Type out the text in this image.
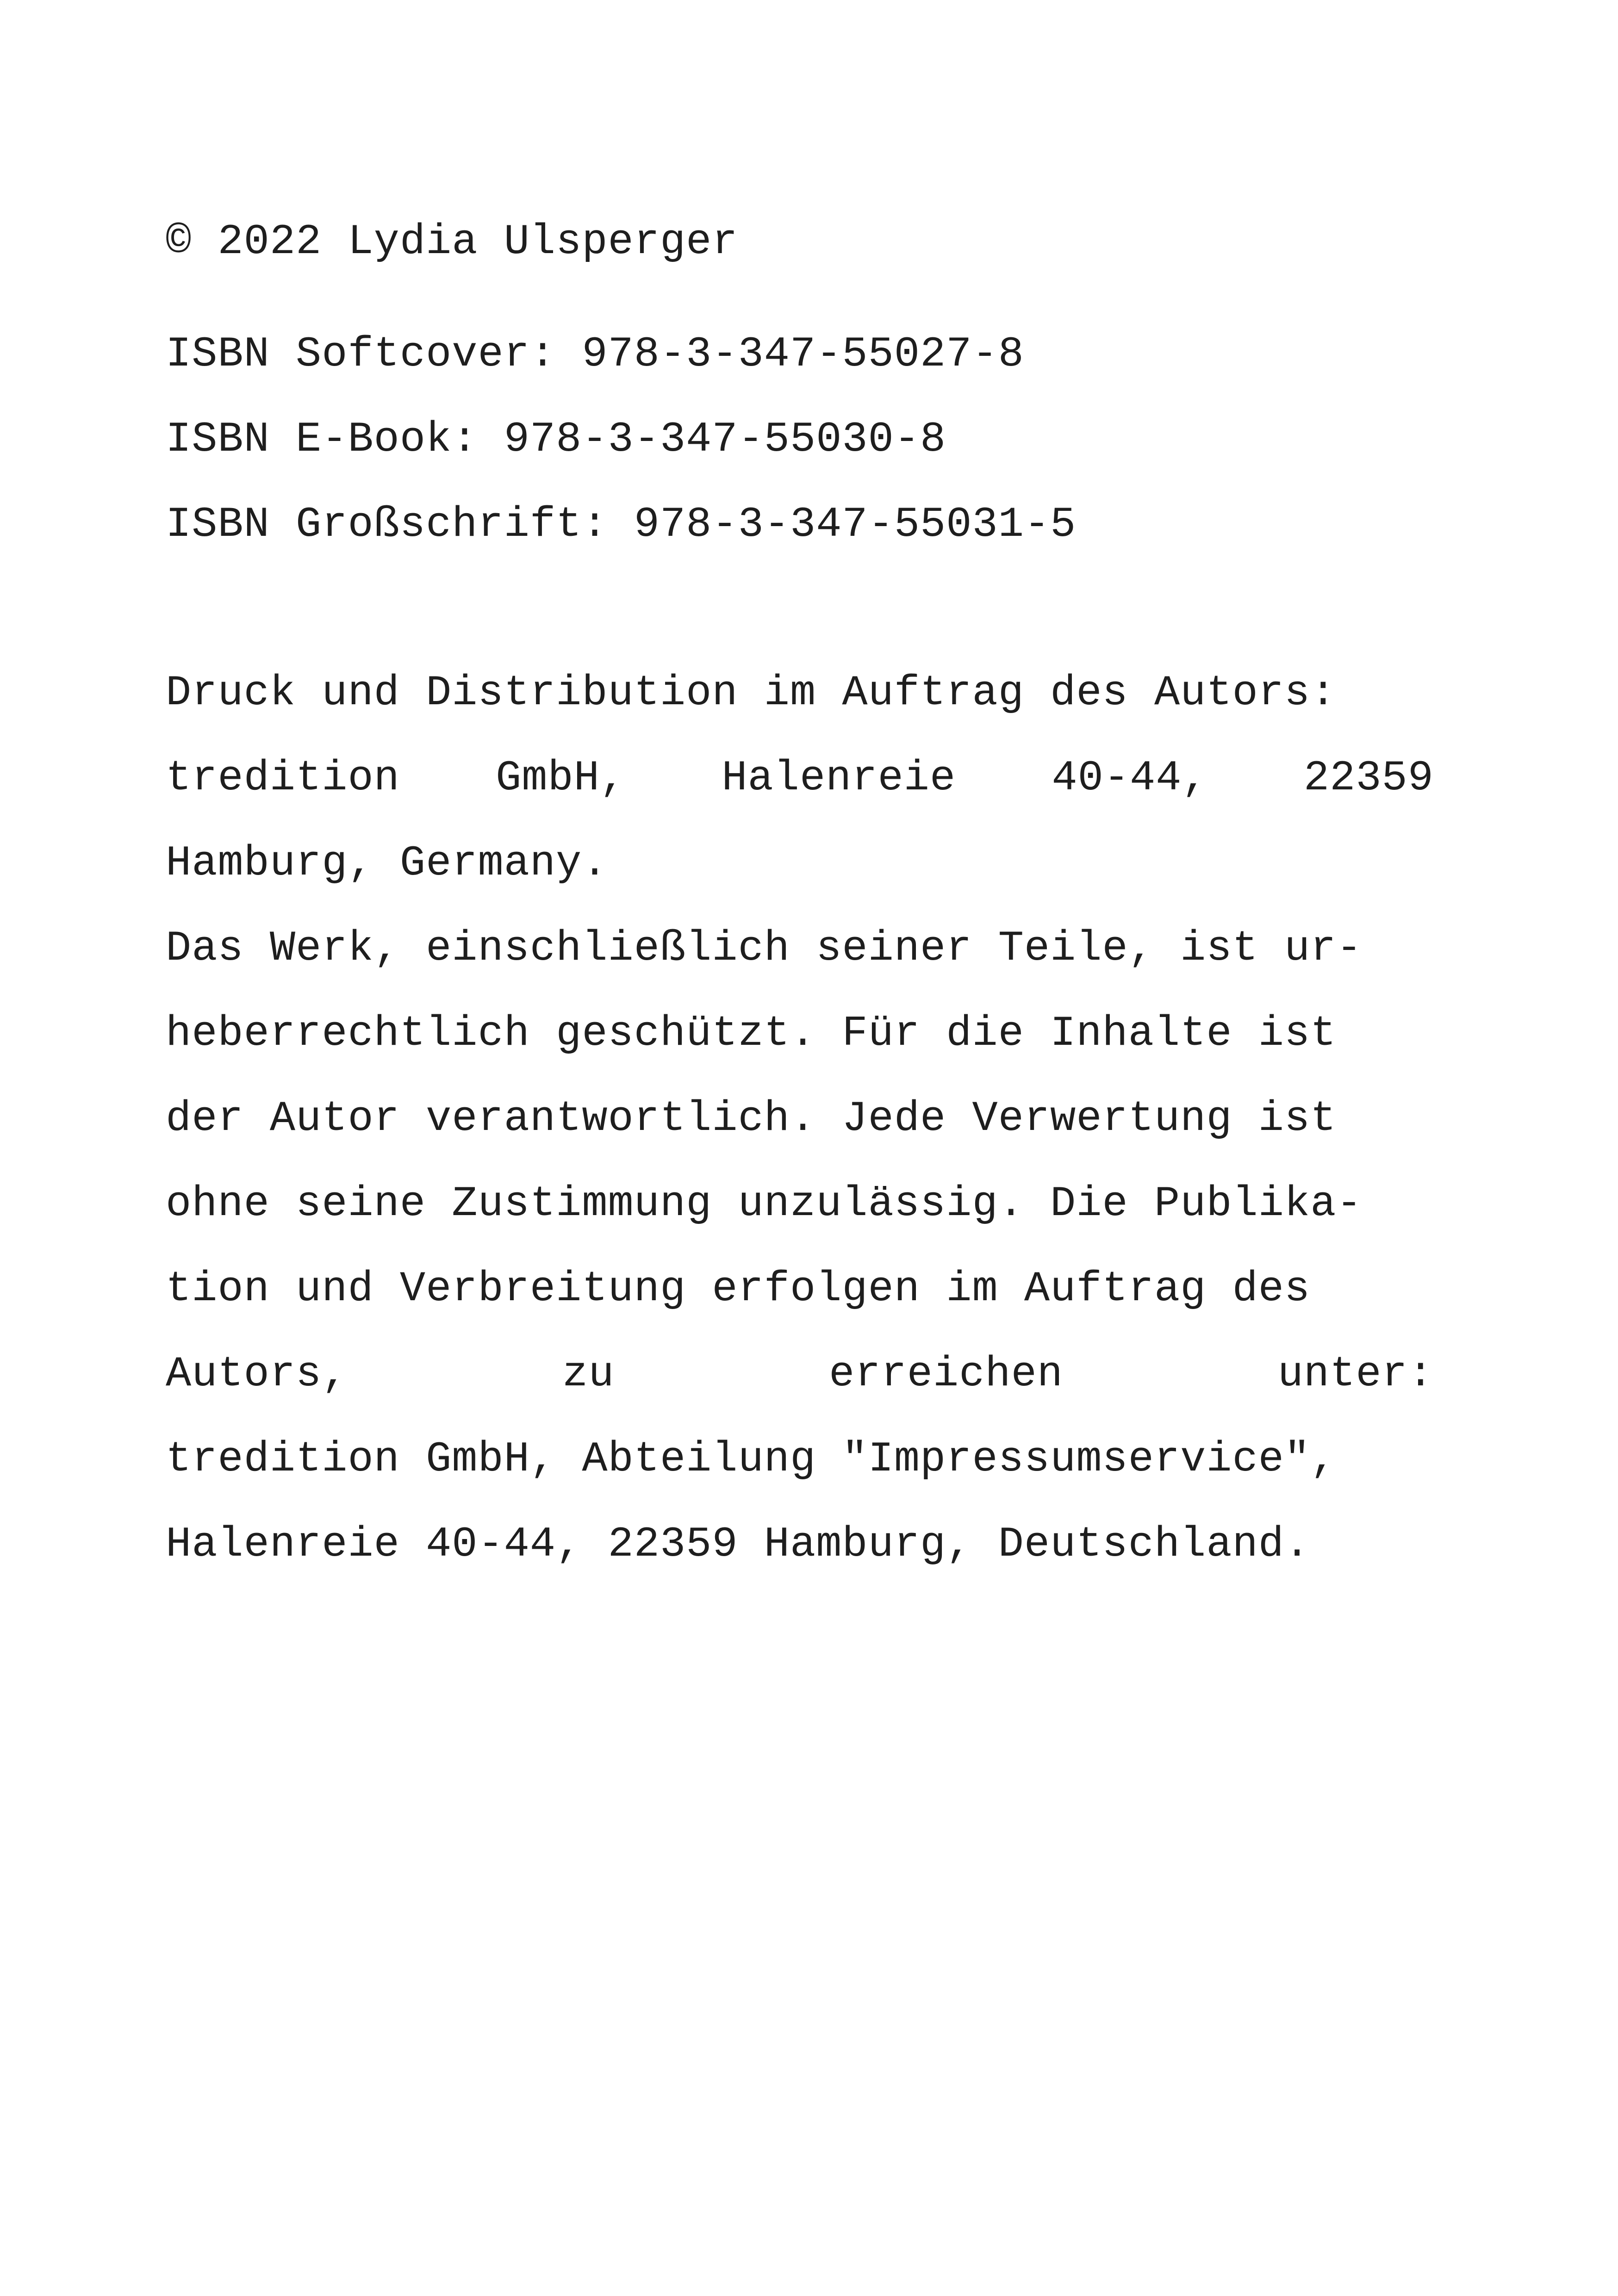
© 2022 Lydia Ulsperger
ISBN Softcover: 978-3-347-55027-8
ISBN E-Book: 978-3-347-55030-8
ISBN Großschrift: 978-3-347-55031-5
Druck und Distribution im Auftrag des Autors:
tredition GmbH, Halenreie 40-44, 22359
Hamburg, Germany.
Das Werk, einschließlich seiner Teile, ist ur-
heberrechtlich geschützt. Für die Inhalte ist
der Autor verantwortlich. Jede Verwertung ist
ohne seine Zustimmung unzulässig. Die Publika-
tion und Verbreitung erfolgen im Auftrag des
Autors,	zu	erreichen	unter:
tredition GmbH, Abteilung "Impressumservice",
Halenreie 40-44, 22359 Hamburg, Deutschland.
